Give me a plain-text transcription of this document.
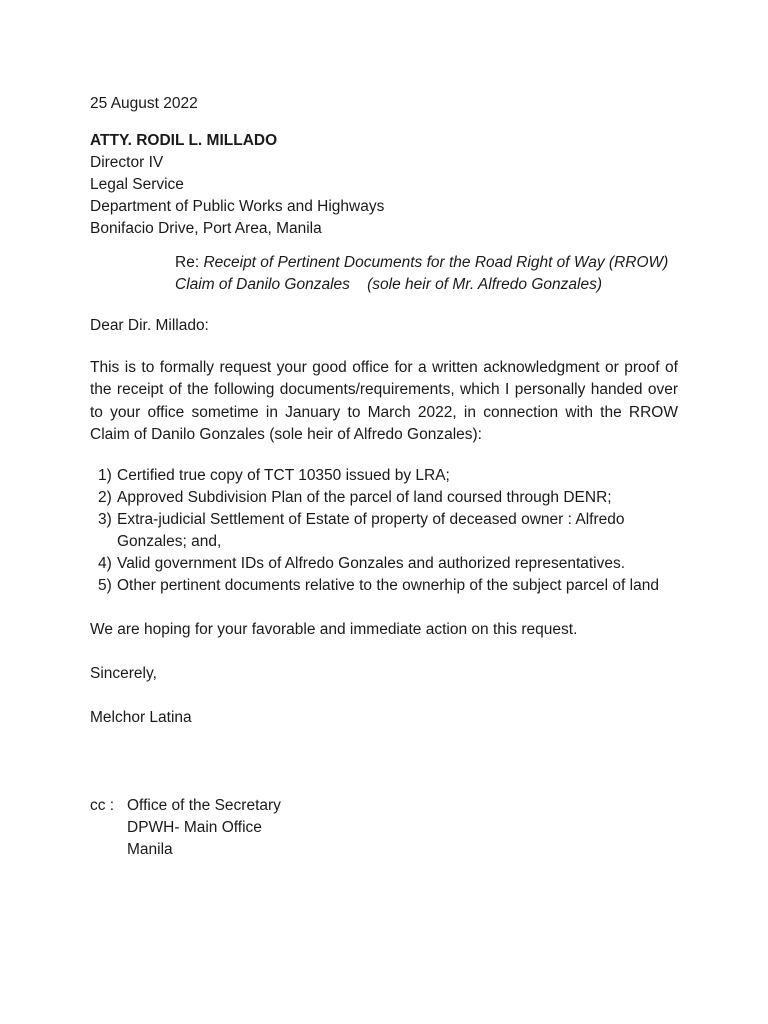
25 August 2022
ATTY. RODIL L. MILLADO
Director IV
Legal Service
Department of Public Works and Highways
Bonifacio Drive, Port Area, Manila
Re: Receipt of Pertinent Documents for the Road Right of Way (RROW)
Claim of Danilo Gonzales    (sole heir of Mr. Alfredo Gonzales)
Dear Dir. Millado:
This is to formally request your good office for a written acknowledgment or proof of the receipt of the following documents/requirements, which I personally handed over to your office sometime in January to March 2022, in connection with the RROW Claim of Danilo Gonzales (sole heir of Alfredo Gonzales):
1) Certified true copy of TCT 10350 issued by LRA;
2) Approved Subdivision Plan of the parcel of land coursed through DENR;
3) Extra-judicial Settlement of Estate of property of deceased owner : Alfredo Gonzales; and,
4) Valid government IDs of Alfredo Gonzales and authorized representatives.
5) Other pertinent documents relative to the ownerhip of the subject parcel of land
We are hoping for your favorable and immediate action on this request.
Sincerely,
Melchor Latina
cc : Office of the Secretary
DPWH- Main Office
Manila
